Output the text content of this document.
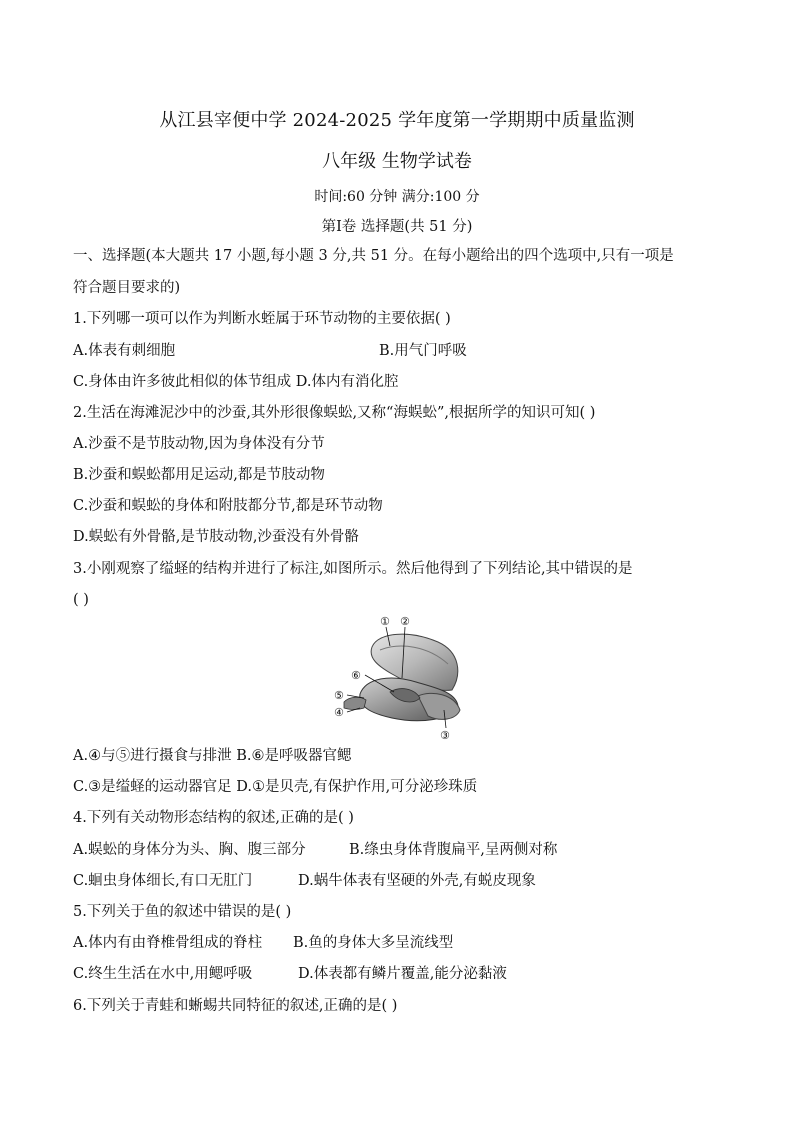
从江县宰便中学 2024-2025 学年度第一学期期中质量监测
八年级 生物学试卷
时间:60 分钟 满分:100 分
第Ⅰ卷 选择题(共 51 分)
一、选择题(本大题共 17 小题,每小题 3 分,共 51 分。在每小题给出的四个选项中,只有一项是
符合题目要求的)
1.下列哪一项可以作为判断水蛭属于环节动物的主要依据( )
A.体表有刺细胞	B.用气门呼吸
C.身体由许多彼此相似的体节组成 D.体内有消化腔
2.生活在海滩泥沙中的沙蚕,其外形很像蜈蚣,又称“海蜈蚣”,根据所学的知识可知( )
A.沙蚕不是节肢动物,因为身体没有分节
B.沙蚕和蜈蚣都用足运动,都是节肢动物
C.沙蚕和蜈蚣的身体和附肢都分节,都是环节动物
D.蜈蚣有外骨骼,是节肢动物,沙蚕没有外骨骼
3.小刚观察了缢蛏的结构并进行了标注,如图所示。然后他得到了下列结论,其中错误的是
( )
① ②
③
④
⑤
⑥
A.④与⑤进行摄食与排泄 B.⑥是呼吸器官鳃
C.③是缢蛏的运动器官足 D.①是贝壳,有保护作用,可分泌珍珠质
4.下列有关动物形态结构的叙述,正确的是( )
A.蜈蚣的身体分为头、胸、腹三部分	B.绦虫身体背腹扁平,呈两侧对称
C.蛔虫身体细长,有口无肛门	D.蜗牛体表有坚硬的外壳,有蜕皮现象
5.下列关于鱼的叙述中错误的是( )
A.体内有由脊椎骨组成的脊柱 B.鱼的身体大多呈流线型
C.终生生活在水中,用鳃呼吸	D.体表都有鳞片覆盖,能分泌黏液
6.下列关于青蛙和蜥蜴共同特征的叙述,正确的是( )
